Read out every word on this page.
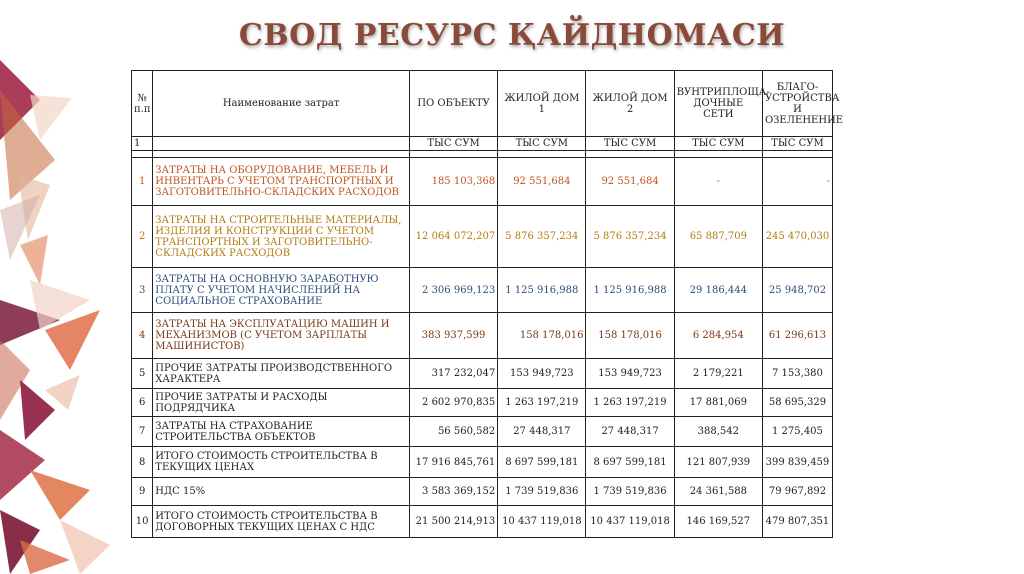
СВОД РЕСУРС ҚАЙДНОМАСИ
№ п.п	Наименование затрат	ПО ОБЪЕКТУ	ЖИЛОЙ ДОМ 1	ЖИЛОЙ ДОМ 2	ВУНТРИПЛОЩА-ДОЧНЫЕ СЕТИ	БЛАГО-УСТРОЙСТВА И ОЗЕЛЕНЕНИЕ
1		ТЫС СУМ	ТЫС СУМ	ТЫС СУМ	ТЫС СУМ	ТЫС СУМ

1	ЗАТРАТЫ НА ОБОРУДОВАНИЕ, МЕБЕЛЬ И ИНВЕНТАРЬ С УЧЕТОМ ТРАНСПОРТНЫХ И ЗАГОТОВИТЕЛЬНО-СКЛАДСКИХ РАСХОДОВ	185 103,368	92 551,684	92 551,684	-	-
2	ЗАТРАТЫ НА СТРОИТЕЛЬНЫЕ МАТЕРИАЛЫ, ИЗДЕЛИЯ И КОНСТРУКЦИИ С УЧЕТОМ ТРАНСПОРТНЫХ И ЗАГОТОВИТЕЛЬНО-СКЛАДСКИХ РАСХОДОВ	12 064 072,207	5 876 357,234	5 876 357,234	65 887,709	245 470,030
3	ЗАТРАТЫ НА ОСНОВНУЮ ЗАРАБОТНУЮ ПЛАТУ С УЧЕТОМ НАЧИСЛЕНИЙ НА СОЦИАЛЬНОЕ СТРАХОВАНИЕ	2 306 969,123	1 125 916,988	1 125 916,988	29 186,444	25 948,702
4	ЗАТРАТЫ НА ЭКСПЛУАТАЦИЮ МАШИН И МЕХАНИЗМОВ (С УЧЕТОМ ЗАРПЛАТЫ МАШИНИСТОВ)	383 937,599	158 178,016	158 178,016	6 284,954	61 296,613
5	ПРОЧИЕ ЗАТРАТЫ ПРОИЗВОДСТВЕННОГО ХАРАКТЕРА	317 232,047	153 949,723	153 949,723	2 179,221	7 153,380
6	ПРОЧИЕ ЗАТРАТЫ И РАСХОДЫ ПОДРЯДЧИКА	2 602 970,835	1 263 197,219	1 263 197,219	17 881,069	58 695,329
7	ЗАТРАТЫ НА СТРАХОВАНИЕ СТРОИТЕЛЬСТВА ОБЪЕКТОВ	56 560,582	27 448,317	27 448,317	388,542	1 275,405
8	ИТОГО СТОИМОСТЬ СТРОИТЕЛЬСТВА В ТЕКУЩИХ ЦЕНАХ	17 916 845,761	8 697 599,181	8 697 599,181	121 807,939	399 839,459
9	НДС 15%	3 583 369,152	1 739 519,836	1 739 519,836	24 361,588	79 967,892
10	ИТОГО СТОИМОСТЬ СТРОИТЕЛЬСТВА В ДОГОВОРНЫХ ТЕКУЩИХ ЦЕНАХ С НДС	21 500 214,913	10 437 119,018	10 437 119,018	146 169,527	479 807,351
